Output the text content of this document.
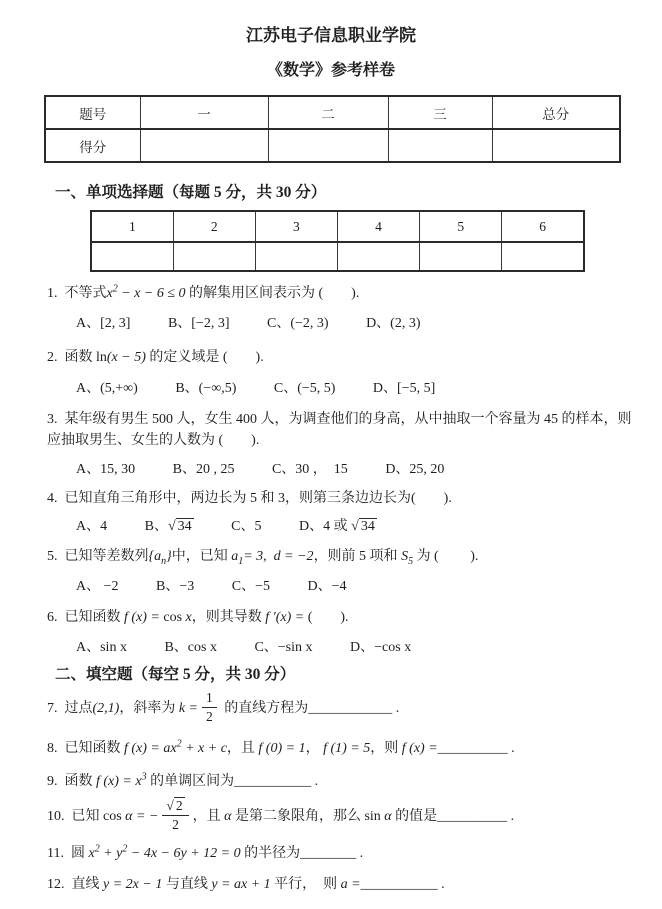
江苏电子信息职业学院
《数学》参考样卷
题号	一	二	三	总分
得分				
一、单项选择题（每题 5 分，共 30 分）
1	2	3	4	5	6

1. 不等式$x^2 - x - 6 \le 0$ 的解集用区间表示为 (        ).
A、[2, 3]	B、[−2, 3]	C、(−2, 3)	D、(2, 3)
2. 函数 ln(x − 5) 的定义域是 (        ).
A、(5,+∞)	B、(−∞,5)	C、(−5, 5)	D、[−5, 5]
3. 某年级有男生 500 人，女生 400 人，为调查他们的身高，从中抽取一个容量为 45 的样本，则应抽取男生、女生的人数为 (        ).
A、15, 30	B、20 , 25	C、30 ，  15	D、25, 20
4. 已知直角三角形中，两边长为 5 和 3，则第三条边边长为(        ).
A、4	B、√ 34	C、5	D、4 或 √ 34
5. 已知等差数列$\{a_n\}$中，已知 $a_1= 3$,  d = −2，则前 5 项和 $S_5$ 为 (         ).
A、 −2	B、−3	C、−5	D、−4
6. 已知函数 f (x) = cos x，则其导数 f ′(x) = (        ).
A、sin x	B、cos x	C、−sin x	D、−cos x
二、填空题（每空 5 分，共 30 分）
7. 过点(2,1)，斜率为 $k = \frac{1}{2}$ 的直线方程为____________ .
8. 已知函数 f $(x) = ax^2 + x + c$，且 f (0) = 1， f (1) = 5，则 f (x) =__________ .
9. 函数 f $(x) = x^3$ 的单调区间为___________ .
10. 已知 cos α = − $\frac{√ 2}{2}$ ，且 α 是第二象限角，那么 sin α 的值是__________ .
11. 圆 $x^2 + y^2 - 4x - 6y + 12 = 0$ 的半径为________ .
12. 直线 y = 2x − 1 与直线 y = ax + 1 平行，  则 a =___________ .
